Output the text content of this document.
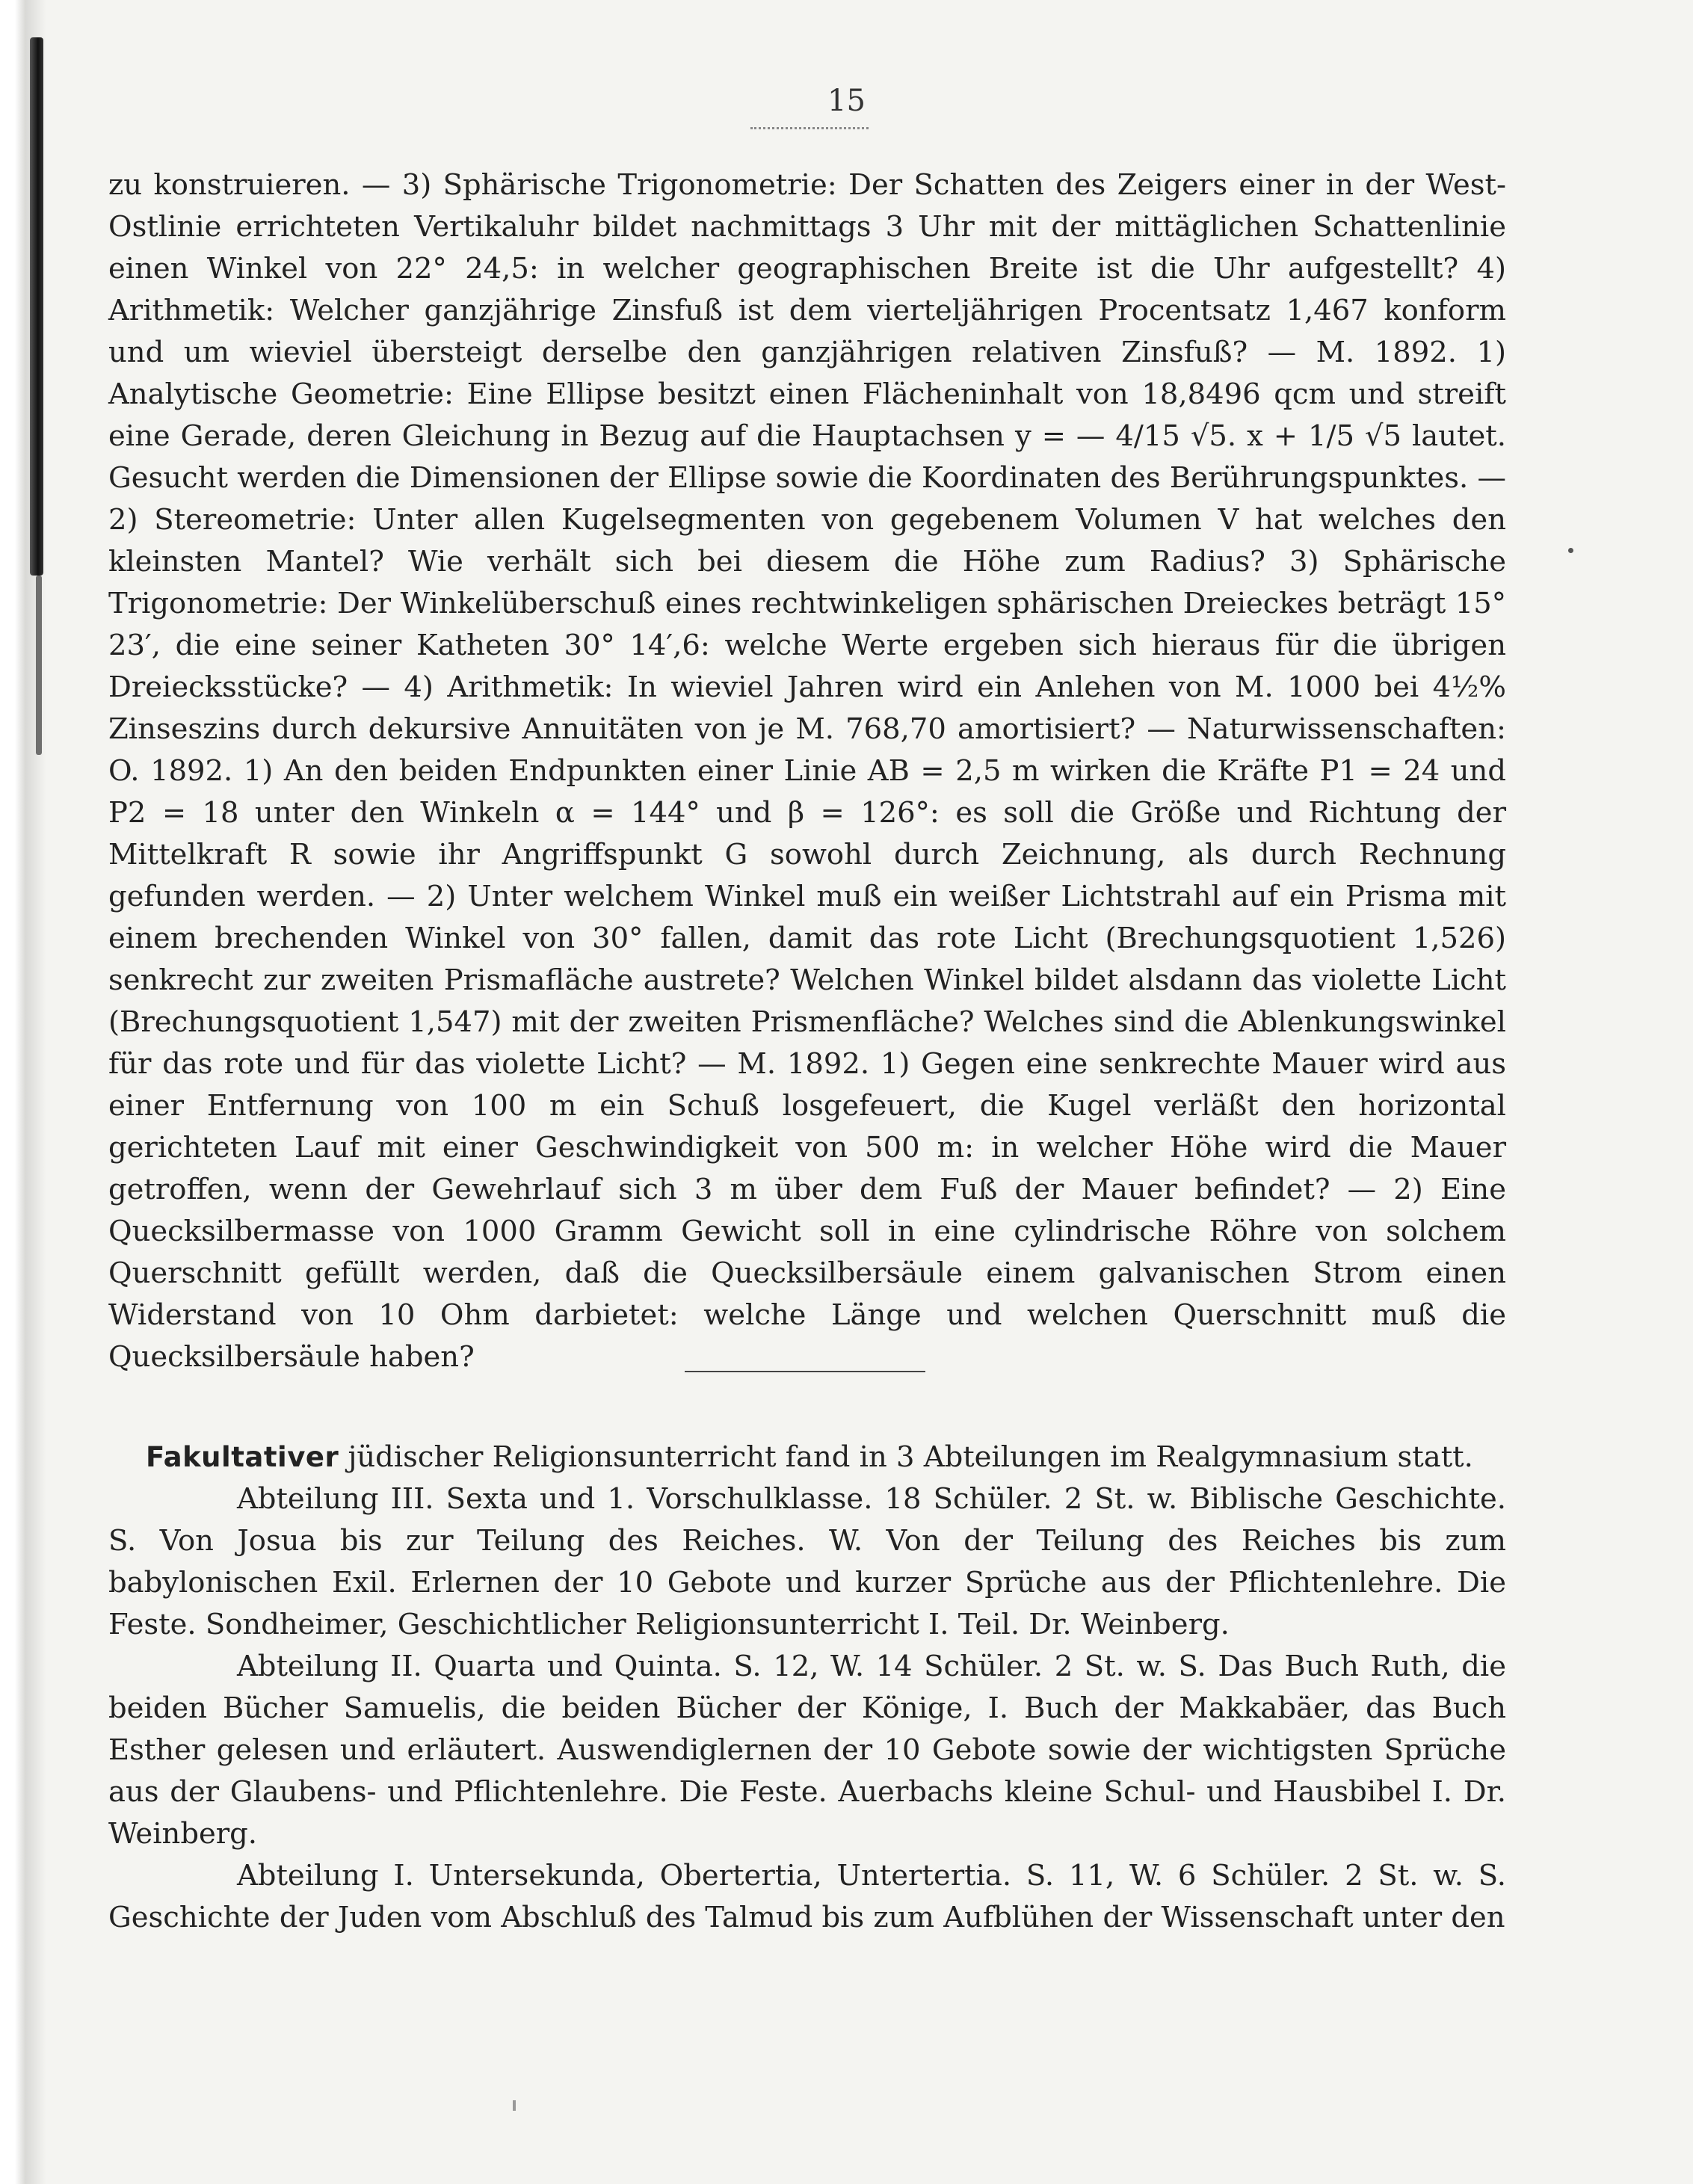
15

zu konstruieren. — 3) Sphärische Trigonometrie: Der Schatten des Zeigers einer in der West-Ostlinie errichteten Vertikaluhr bildet nachmittags 3 Uhr mit der mittäglichen Schattenlinie einen Winkel von 22° 24,5: in welcher geographischen Breite ist die Uhr aufgestellt? 4) Arithmetik: Welcher ganzjährige Zinsfuß ist dem vierteljährigen Procentsatz 1,467 konform und um wieviel übersteigt derselbe den ganzjährigen relativen Zinsfuß? — M. 1892. 1) Analytische Geometrie: Eine Ellipse besitzt einen Flächeninhalt von 18,8496 qcm und streift eine Gerade, deren Gleichung in Bezug auf die Hauptachsen y = — 4/15 √5. x + 1/5 √5 lautet. Gesucht werden die Dimensionen der Ellipse sowie die Koordinaten des Berührungspunktes. — 2) Stereometrie: Unter allen Kugelsegmenten von gegebenem Volumen V hat welches den kleinsten Mantel? Wie verhält sich bei diesem die Höhe zum Radius? 3) Sphärische Trigonometrie: Der Winkelüberschuß eines rechtwinkeligen sphärischen Dreieckes beträgt 15° 23′, die eine seiner Katheten 30° 14′,6: welche Werte ergeben sich hieraus für die übrigen Dreiecksstücke? — 4) Arithmetik: In wieviel Jahren wird ein Anlehen von M. 1000 bei 4½% Zinseszins durch dekursive Annuitäten von je M. 768,70 amortisiert? — Naturwissenschaften: O. 1892. 1) An den beiden Endpunkten einer Linie AB = 2,5 m wirken die Kräfte P1 = 24 und P2 = 18 unter den Winkeln α = 144° und β = 126°: es soll die Größe und Richtung der Mittelkraft R sowie ihr Angriffspunkt G sowohl durch Zeichnung, als durch Rechnung gefunden werden. — 2) Unter welchem Winkel muß ein weißer Lichtstrahl auf ein Prisma mit einem brechenden Winkel von 30° fallen, damit das rote Licht (Brechungsquotient 1,526) senkrecht zur zweiten Prismafläche austrete? Welchen Winkel bildet alsdann das violette Licht (Brechungsquotient 1,547) mit der zweiten Prismenfläche? Welches sind die Ablenkungswinkel für das rote und für das violette Licht? — M. 1892. 1) Gegen eine senkrechte Mauer wird aus einer Entfernung von 100 m ein Schuß losgefeuert, die Kugel verläßt den horizontal gerichteten Lauf mit einer Geschwindigkeit von 500 m: in welcher Höhe wird die Mauer getroffen, wenn der Gewehrlauf sich 3 m über dem Fuß der Mauer befindet? — 2) Eine Quecksilbermasse von 1000 Gramm Gewicht soll in eine cylindrische Röhre von solchem Querschnitt gefüllt werden, daß die Quecksilbersäule einem galvanischen Strom einen Widerstand von 10 Ohm darbietet: welche Länge und welchen Querschnitt muß die Quecksilbersäule haben?

Fakultativer jüdischer Religionsunterricht fand in 3 Abteilungen im Realgymnasium statt.

Abteilung III. Sexta und 1. Vorschulklasse. 18 Schüler. 2 St. w. Biblische Geschichte. S. Von Josua bis zur Teilung des Reiches. W. Von der Teilung des Reiches bis zum babylonischen Exil. Erlernen der 10 Gebote und kurzer Sprüche aus der Pflichtenlehre. Die Feste. Sondheimer, Geschichtlicher Religionsunterricht I. Teil. Dr. Weinberg.

Abteilung II. Quarta und Quinta. S. 12, W. 14 Schüler. 2 St. w. S. Das Buch Ruth, die beiden Bücher Samuelis, die beiden Bücher der Könige, I. Buch der Makkabäer, das Buch Esther gelesen und erläutert. Auswendiglernen der 10 Gebote sowie der wichtigsten Sprüche aus der Glaubens- und Pflichtenlehre. Die Feste. Auerbachs kleine Schul- und Hausbibel I. Dr. Weinberg.

Abteilung I. Untersekunda, Obertertia, Untertertia. S. 11, W. 6 Schüler. 2 St. w. S. Geschichte der Juden vom Abschluß des Talmud bis zum Aufblühen der Wissenschaft unter den
